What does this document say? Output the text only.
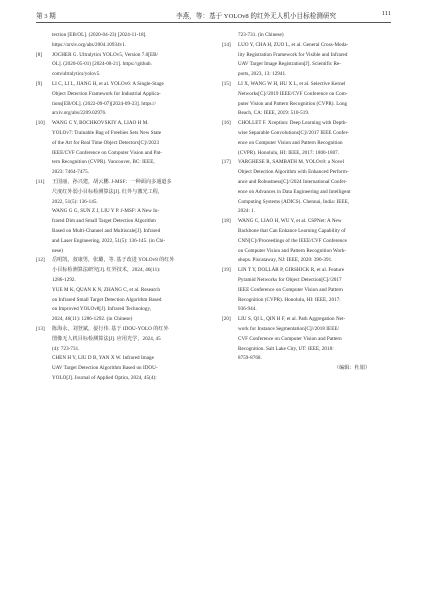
第 3 期	李燕，等：基于 YOLOv8 的红外无人机小目标检测研究	111
tection [EB/OL]. (2020-04-23) [2024-11-18].
https://arxiv.org/abs/2004.10934v1.
[8] JOCHER G. Ultralytics YOLOv5, Version 7.0[EB/
OL]. (2020-05-01) [2024-08-21]. https://github.
com/ultralytics/yolov5.
[9] LI C, LI L, JIANG H, et al. YOLOv6: A Single-Stage
Object Detection Framework for Industrial Applica-
tions[EB/OL]. (2022-09-07)[2024-09-23]. https://
arxiv.org/abs/2209.02976.
[10] WANG C Y, BOCHKOVSKIY A, LIAO H M.
YOLOv7: Trainable Bag of Freebies Sets New State
of the Art for Real Time Object Detectors[C]//2023
IEEE/CVF Conference on Computer Vision and Pat-
tern Recognition (CVPR). Vancouver, BC: IEEE,
2023: 7464-7475.
[11] 王国丽，孙兴建，胡云鹏. J-MSF：一种面向多通道多
尺度红外弱小目标检测算法[J]. 红外与激光工程，
2022, 51(5): 136-145.
WANG G G, SUN Z J, LIU Y P. J-MSF: A New In-
frared Dim and Small Target Detection Algorithm
Based on Multi-Channel and Multiscale[J]. Infrared
and Laser Engineering, 2022, 51(5): 136-145. (in Chi-
nese)
[12] 岳明凯，叔康男，张璐，等. 基于改进 YOLOv8 的红外
小目标检测算法研究[J]. 红外技术，2024, 46(11):
1286-1292.
YUE M K, QUAN K N, ZHANG C, et al. Research
on Infrared Small Target Detection Algorithm Based
on Improved YOLOv8[J]. Infrared Technology,
2024, 46(11): 1286-1292. (in Chinese)
[13] 陈海永，刘登斌，晏行伟. 基于 IDOU-YOLO 的红外
图像无人机目标检测算法[J]. 应用光学，2024, 45
(4): 723-731.
CHEN H Y, LIU D B, YAN X W. Infrared Image
UAV Target Detection Algorithm Based on IDOU-
YOLO[J]. Journal of Applied Optics, 2024, 45(4):
723-731. (in Chinese)
[14] LUO Y, CHA H, ZUO L, et al. General Cross-Moda-
lity Registration Framework for Visible and Infrared
UAV Target Image Registration[J]. Scientific Re-
ports, 2023, 13: 12941.
[15] LI X, WANG W H, HU X L, et al. Selective Kernel
Networks[C]//2019 IEEE/CVF Conference on Com-
puter Vision and Pattern Recognition (CVPR). Long
Beach, CA: IEEE, 2019: 510-519.
[16] CHOLLET F. Xception: Deep Learning with Depth-
wise Separable Convolutions[C]//2017 IEEE Confer-
ence on Computer Vision and Pattern Recognition
(CVPR). Honolulu, HI: IEEE, 2017: 1800-1807.
[17] VARGHESE R, SAMBATH M. YOLOv8: a Novel
Object Detection Algorithm with Enhanced Perform-
ance and Robustness[C]//2024 International Confer-
ence on Advances in Data Engineering and Intelligent
Computing Systems (ADICS). Chennai, India: IEEE,
2024: 1.
[18] WANG C, LIAO H, WU Y, et al. CSPNet: A New
Backbone that Can Enhance Learning Capability of
CNN[C]//Proceedings of the IEEE/CVF Conference
on Computer Vision and Pattern Recognition Work-
shops. Piscataway, NJ: IEEE, 2020: 390-391.
[19] LIN T Y, DOLLÁR P, GIRSHICK R, et al. Feature
Pyramid Networks for Object Detection[C]//2017
IEEE Conference on Computer Vision and Pattern
Recognition (CVPR). Honolulu, HI: IEEE, 2017:
936-944.
[20] LIU S, QI L, QIN H F, et al. Path Aggregation Net-
work for Instance Segmentation[C]//2018 IEEE/
CVF Conference on Computer Vision and Pattern
Recognition. Salt Lake City, UT: IEEE, 2018:
8759-8768.
（编辑：杜娟）
